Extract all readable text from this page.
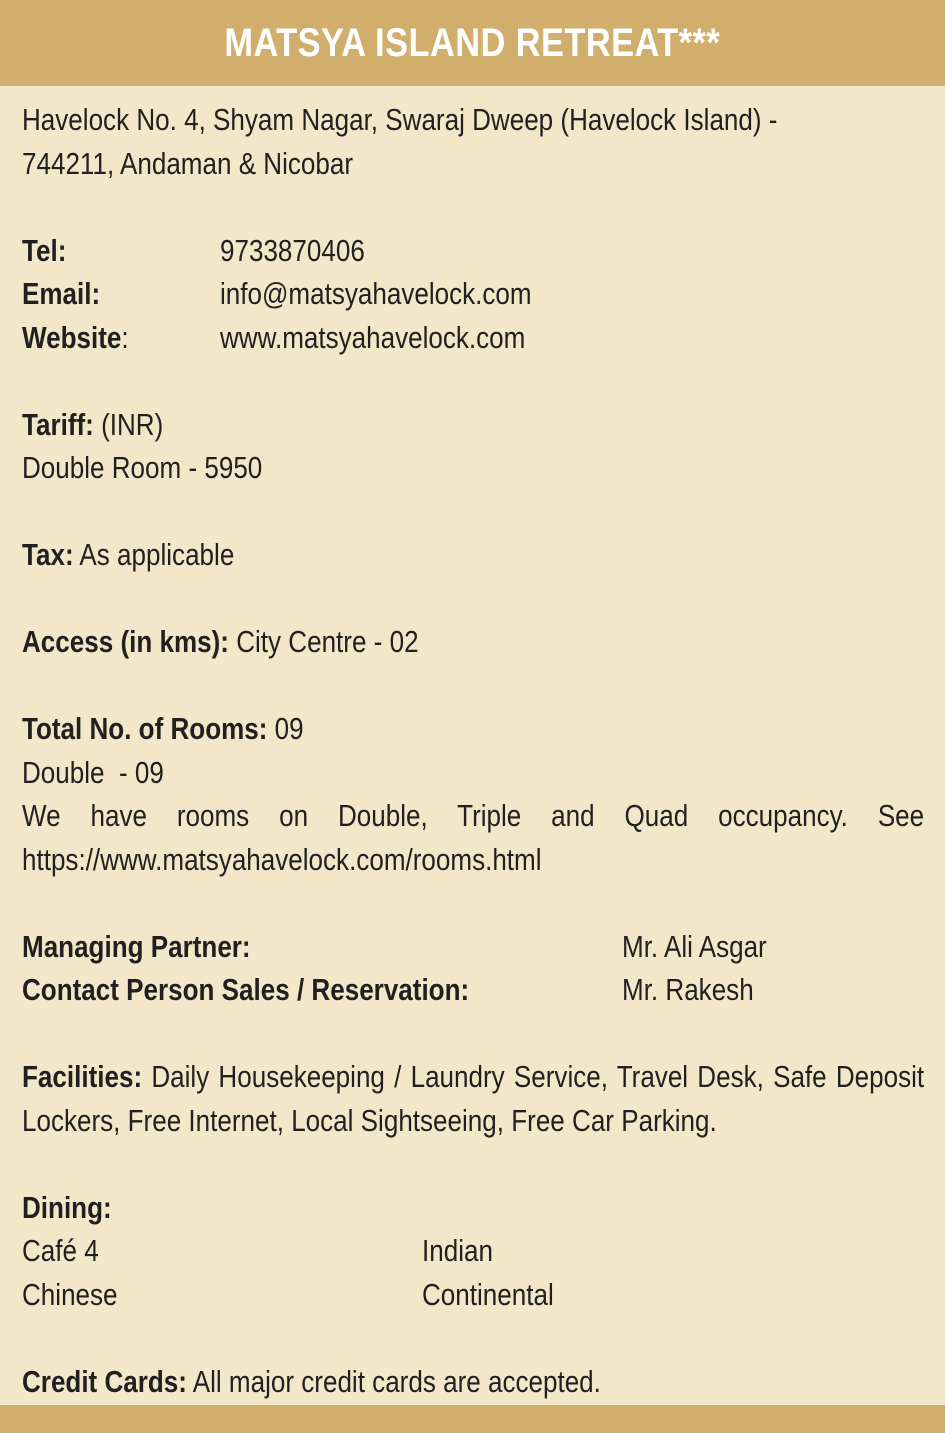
MATSYA ISLAND RETREAT***
Havelock No. 4, Shyam Nagar, Swaraj Dweep (Havelock Island) -
744211, Andaman & Nicobar
Tel:	9733870406
Email:	info@matsyahavelock.com
Website:	www.matsyahavelock.com
Tariff: (INR)
Double Room - 5950
Tax: As applicable
Access (in kms): City Centre - 02
Total No. of Rooms: 09
Double  - 09
We have rooms on Double, Triple and Quad occupancy. See https://www.matsyahavelock.com/rooms.html
Managing Partner:	Mr. Ali Asgar
Contact Person Sales / Reservation:	Mr. Rakesh
Facilities: Daily Housekeeping / Laundry Service, Travel Desk, Safe Deposit Lockers, Free Internet, Local Sightseeing, Free Car Parking.
Dining:
Café 4	Indian
Chinese	Continental
Credit Cards: All major credit cards are accepted.
